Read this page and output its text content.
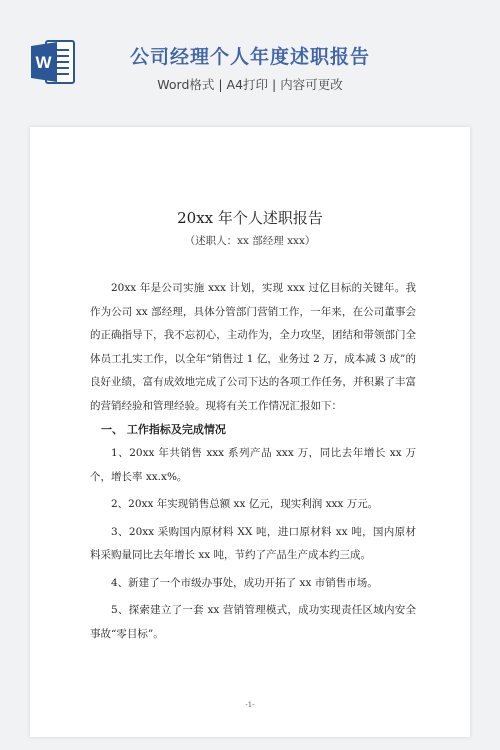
W	公司经理个人年度述职报告
Word格式 | A4打印 | 内容可更改
20xx 年个人述职报告
（述职人：xx 部经理 xxx）

20xx 年是公司实施 xxx 计划，实现 xxx 过亿目标的关键年。我作为公司 xx 部经理，具体分管部门营销工作，一年来，在公司董事会的正确指导下，我不忘初心，主动作为，全力攻坚，团结和带领部门全体员工扎实工作，以全年“销售过 1 亿，业务过 2 万，成本减 3 成”的良好业绩，富有成效地完成了公司下达的各项工作任务，并积累了丰富的营销经验和管理经验。现将有关工作情况汇报如下：

一、 工作指标及完成情况

1、20xx 年共销售 xxx 系列产品 xxx 万，同比去年增长 xx 万个，增长率 xx.x%。

2、20xx 年实现销售总额 xx 亿元，现实利润 xxx 万元。

3、20xx 采购国内原材料 XX 吨，进口原材料 xx 吨，国内原材料采购量同比去年增长 xx 吨，节约了产品生产成本约三成。

4、新建了一个市级办事处，成功开拓了 xx 市销售市场。

5、探索建立了一套 xx 营销管理模式，成功实现责任区域内安全事故“零目标”。

-1-
